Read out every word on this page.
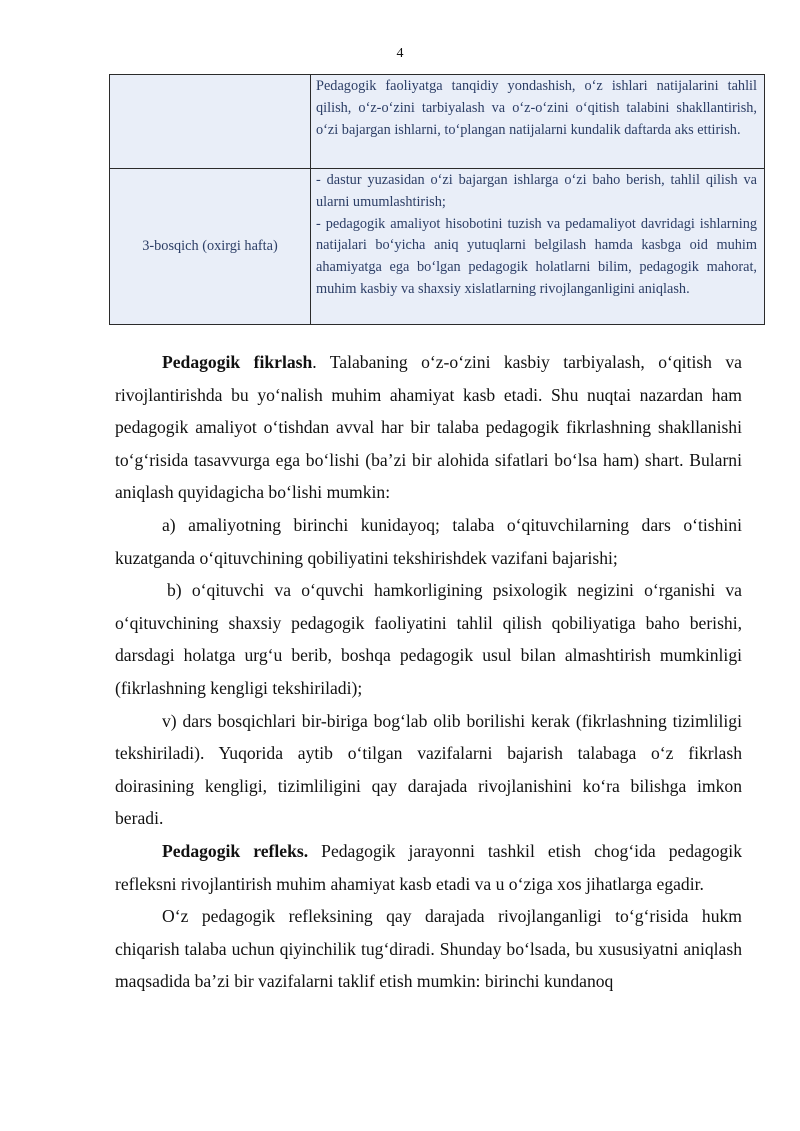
4

	Pedagogik faoliyatga tanqidiy yondashish, o‘z ishlari natijalarini tahlil qilish, o‘z-o‘zini tarbiyalash va o‘z-o‘zini o‘qitish talabini shakllantirish, o‘zi bajargan ishlarni, to‘plangan natijalarni kundalik daftarda aks ettirish.

3-bosqich (oxirgi hafta)	- dastur yuzasidan o‘zi bajargan ishlarga o‘zi baho berish, tahlil qilish va ularni umumlashtirish;
- pedagogik amaliyot hisobotini tuzish va pedamaliyot davridagi ishlarning natijalari bo‘yicha aniq yutuqlarni belgilash hamda kasbga oid muhim ahamiyatga ega bo‘lgan pedagogik holatlarni bilim, pedagogik mahorat, muhim kasbiy va shaxsiy xislatlarning rivojlanganligini aniqlash.

Pedagogik fikrlash. Talabaning o‘z-o‘zini kasbiy tarbiyalash, o‘qitish va rivojlantirishda bu yo‘nalish muhim ahamiyat kasb etadi. Shu nuqtai nazardan ham pedagogik amaliyot o‘tishdan avval har bir talaba pedagogik fikrlashning shakllanishi to‘g‘risida tasavvurga ega bo‘lishi (ba’zi bir alohida sifatlari bo‘lsa ham) shart. Bularni aniqlash quyidagicha bo‘lishi mumkin:

a) amaliyotning birinchi kunidayoq; talaba o‘qituvchilarning dars o‘tishini kuzatganda o‘qituvchining qobiliyatini tekshirishdek vazifani bajarishi;

b) o‘qituvchi va o‘quvchi hamkorligining psixologik negizini o‘rganishi va o‘qituvchining shaxsiy pedagogik faoliyatini tahlil qilish qobiliyatiga baho berishi, darsdagi holatga urg‘u berib, boshqa pedagogik usul bilan almashtirish mumkinligi (fikrlashning kengligi tekshiriladi);

v) dars bosqichlari bir-biriga bog‘lab olib borilishi kerak (fikrlashning tizimliligi tekshiriladi). Yuqorida aytib o‘tilgan vazifalarni bajarish talabaga o‘z fikrlash doirasining kengligi, tizimliligini qay darajada rivojlanishini ko‘ra bilishga imkon beradi.

Pedagogik refleks. Pedagogik jarayonni tashkil etish chog‘ida pedagogik refleksni rivojlantirish muhim ahamiyat kasb etadi va u o‘ziga xos jihatlarga egadir.

O‘z pedagogik refleksining qay darajada rivojlanganligi to‘g‘risida hukm chiqarish talaba uchun qiyinchilik tug‘diradi. Shunday bo‘lsada, bu xususiyatni aniqlash maqsadida ba’zi bir vazifalarni taklif etish mumkin: birinchi kundanoq
